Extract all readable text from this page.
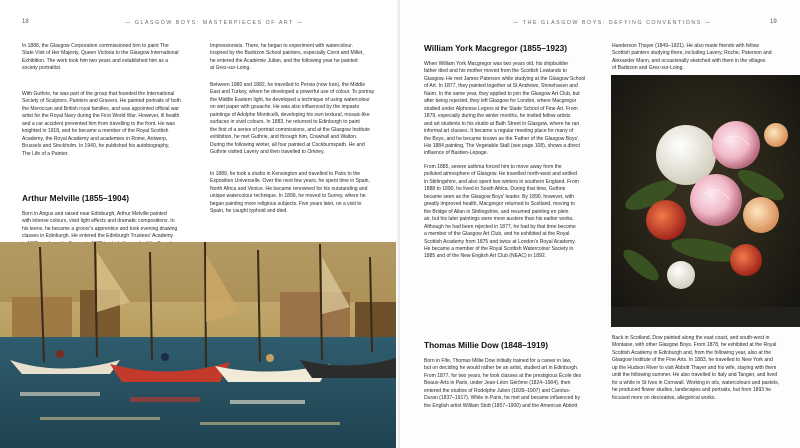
18	— GLASGOW BOYS: MASTERPIECES OF ART —
In 1888, the Glasgow Corporation commissioned him to paint The
State Visit of Her Majesty, Queen Victoria to the Glasgow International
Exhibition. The work took him two years and established him as a
society portraitist.
With Guthrie, he was part of the group that founded the International
Society of Sculptors, Painters and Gravers. He painted portraits of both
the Moroccan and British royal families, and was appointed official war
artist for the Royal Navy during the First World War. However, ill health
and a car accident prevented him from travelling to the front. He was
knighted in 1918, and he became a member of the Royal Scottish
Academy, the Royal Academy and academies in Rome, Antwerp,
Brussels and Stockholm. In 1940, he published his autobiography,
The Life of a Painter.
Arthur Melville (1855–1904)
Born in Angus and raised near Edinburgh, Arthur Melville painted
with intense colours, vivid light effects and dramatic compositions. In
his teens, he became a grocer's apprentice and took evening drawing
classes in Edinburgh. He entered the Edinburgh Trustees' Academy

Impressionists. There, he began to experiment with watercolour.
Inspired by the Barbizon School painters, especially Corot and Millet,
he entered the Académie Julian, and the following year he painted
at Grez-sur-Loing.
Between 1880 and 1882, he travelled to Persia (now Iran), the Middle
East and Turkey, where he developed a powerful use of colour. To portray
the Middle Eastern light, he developed a technique of using watercolour
on wet paper with gouache. He was also influenced by the impasto
paintings of Adolphe Monticelli, developing his own textural, mosaic-like
surfaces in vivid colours. In 1883, he returned to Edinburgh to paint
the first of a series of portrait commissions, and at the Glasgow Institute
exhibition, he met Guthrie, and through him, Crawhall and Walton.
During the following winter, all four painted at Cockburnspath. He and
Guthrie visited Lavery and then travelled to Orkney.
In 1889, he took a studio in Kensington and travelled to Paris to the
Exposition Universelle. Over the next few years, he spent time in Spain,
North Africa and Venice. He became renowned for his outstanding and
unique watercolour technique. In 1899, he moved to Surrey, where he
began painting more religious subjects. Five years later, on a visit to
Spain, he caught typhoid and died.
— THE GLASGOW BOYS: DEFYING CONVENTIONS —	19
William York Macgregor (1855–1923)
When William York Macgregor was two years old, his shipbuilder
father died and his mother moved from the Scottish Lowlands to
Glasgow. He met James Paterson while studying at the Glasgow School
of Art. In 1877, they painted together at St Andrews, Stonehaven and
Nairn. In the same year, they applied to join the Glasgow Art Club, but
after being rejected, they left Glasgow for London, where Macgregor
studied under Alphonse Legros at the Slade School of Fine Art. From
1879, especially during the winter months, he invited fellow artists
and art students to his studio at Bath Street in Glasgow, where he ran
informal art classes. It became a regular meeting place for many of
the Boys, and he became known as the 'Father of the Glasgow Boys'.
His 1884 painting, The Vegetable Stall (see page 108), shows a direct
influence of Bastien-Lepage.
From 1885, severe asthma forced him to move away from the
polluted atmosphere of Glasgow. He travelled north-west and settled
in Stirlingshire, and also spent two winters in southern England. From
1888 to 1890, he lived in South Africa. During that time, Guthrie
became seen as the Glasgow Boys' leader. By 1890, however, with
greatly improved health, Macgregor returned to Scotland, moving to
the Bridge of Allan in Stirlingshire, and resumed painting en plein
air, but his later paintings were more austere than his earlier works.
Although he had been rejected in 1877, he had by that time become
a member of the Glasgow Art Club, and he exhibited at the Royal
Scottish Academy from 1875 and twice at London's Royal Academy.
He became a member of the Royal Scottish Watercolour Society in
1885 and of the New English Art Club (NEAC) in 1892.
Thomas Millie Dow (1848–1919)
Born in Fife, Thomas Millie Dow initially trained for a career in law,
but on deciding he would rather be an artist, studied art in Edinburgh.
From 1877, for two years, he took classes at the prestigious École des
Beaux-Arts in Paris, under Jean-Léon Gérôme (1824–1904), then
entered the studios of Rodolphe Julien (1839–1907) and Carolus-
Duran (1837–1917). While in Paris, he met and became influenced by
the English artist William Stott (1857–1900) and the American Abbott
Handerson Thayer (1849–1921). He also made friends with fellow
Scottish painters studying there, including Lavery, Roche, Paterson and
Alexander Mann, and occasionally sketched with them in the villages
of Barbizon and Grez-sur-Loing.
Back in Scotland, Dow painted along the east coast, and south-west in
Montaise, with other Glasgow Boys. From 1878, he exhibited at the Royal
Scottish Academy in Edinburgh and, from the following year, also at the
Glasgow Institute of the Fine Arts. In 1883, he travelled to New York and
up the Hudson River to visit Abbott Thayer and his wife, staying with them
until the following summer. He also travelled to Italy and Tangier, and lived
for a while in St Ives in Cornwall. Working in oils, watercolours and pastels,
he produced flower studies, landscapes and portraits, but from 1893 he
focused more on decorative, allegorical works.
